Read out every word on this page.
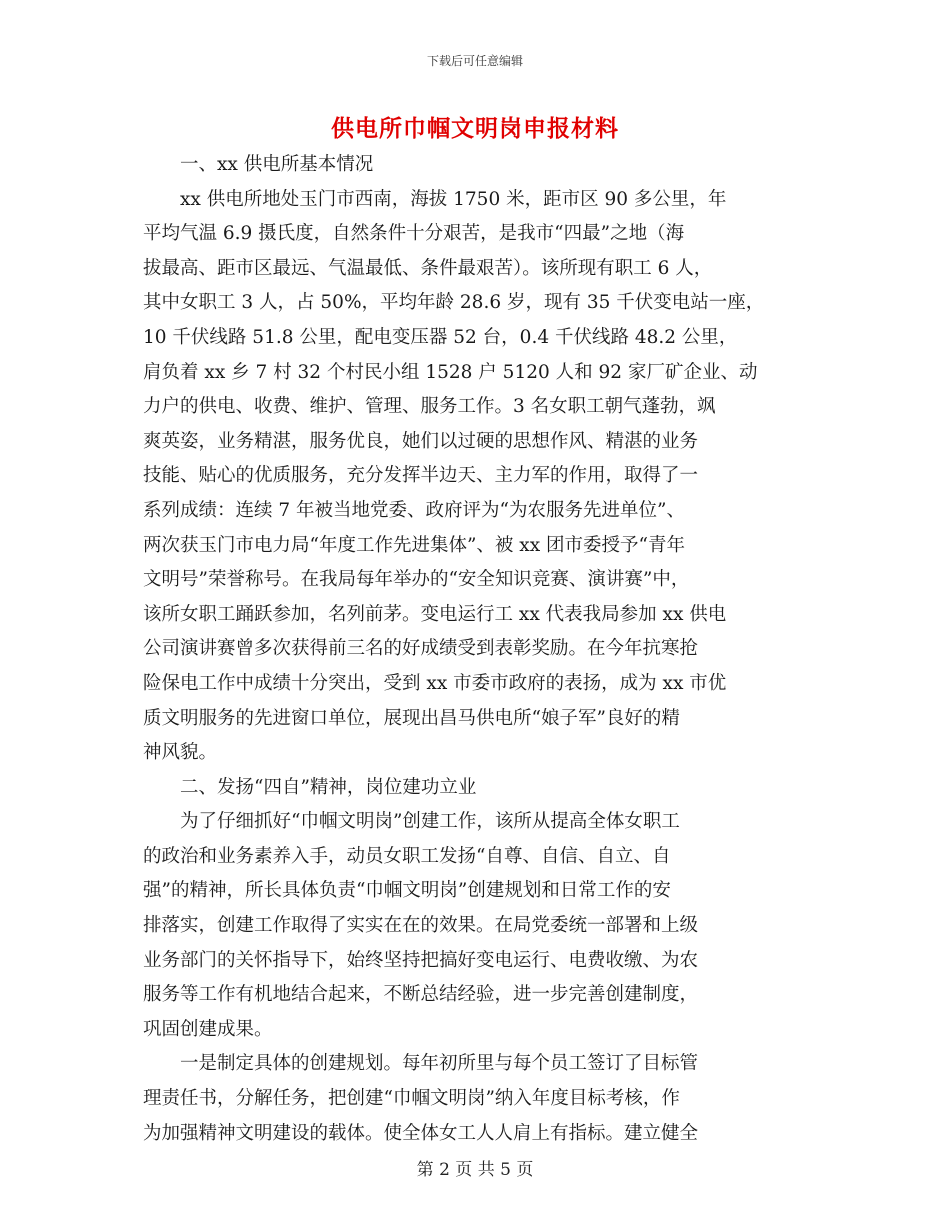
下载后可任意编辑
供电所巾帼文明岗申报材料
一、xx 供电所基本情况
xx 供电所地处玉门市西南，海拔 1750 米，距市区 90 多公里，年
平均气温 6.9 摄氏度，自然条件十分艰苦，是我市“四最”之地（海
拔最高、距市区最远、气温最低、条件最艰苦）。该所现有职工 6 人，
其中女职工 3 人，占 50%，平均年龄 28.6 岁，现有 35 千伏变电站一座，
10 千伏线路 51.8 公里，配电变压器 52 台，0.4 千伏线路 48.2 公里，
肩负着 xx 乡 7 村 32 个村民小组 1528 户 5120 人和 92 家厂矿企业、动
力户的供电、收费、维护、管理、服务工作。3 名女职工朝气蓬勃，飒
爽英姿，业务精湛，服务优良，她们以过硬的思想作风、精湛的业务
技能、贴心的优质服务，充分发挥半边天、主力军的作用，取得了一
系列成绩：连续 7 年被当地党委、政府评为“为农服务先进单位”、
两次获玉门市电力局“年度工作先进集体”、被 xx 团市委授予“青年
文明号”荣誉称号。在我局每年举办的“安全知识竞赛、演讲赛”中，
该所女职工踊跃参加，名列前茅。变电运行工 xx 代表我局参加 xx 供电
公司演讲赛曾多次获得前三名的好成绩受到表彰奖励。在今年抗寒抢
险保电工作中成绩十分突出，受到 xx 市委市政府的表扬，成为 xx 市优
质文明服务的先进窗口单位，展现出昌马供电所“娘子军”良好的精
神风貌。
二、发扬“四自”精神，岗位建功立业
为了仔细抓好“巾帼文明岗”创建工作，该所从提高全体女职工
的政治和业务素养入手，动员女职工发扬“自尊、自信、自立、自
强”的精神，所长具体负责“巾帼文明岗”创建规划和日常工作的安
排落实，创建工作取得了实实在在的效果。在局党委统一部署和上级
业务部门的关怀指导下，始终坚持把搞好变电运行、电费收缴、为农
服务等工作有机地结合起来，不断总结经验，进一步完善创建制度，
巩固创建成果。
一是制定具体的创建规划。每年初所里与每个员工签订了目标管
理责任书，分解任务，把创建“巾帼文明岗”纳入年度目标考核，作
为加强精神文明建设的载体。使全体女工人人肩上有指标。建立健全
第 2 页 共 5 页
